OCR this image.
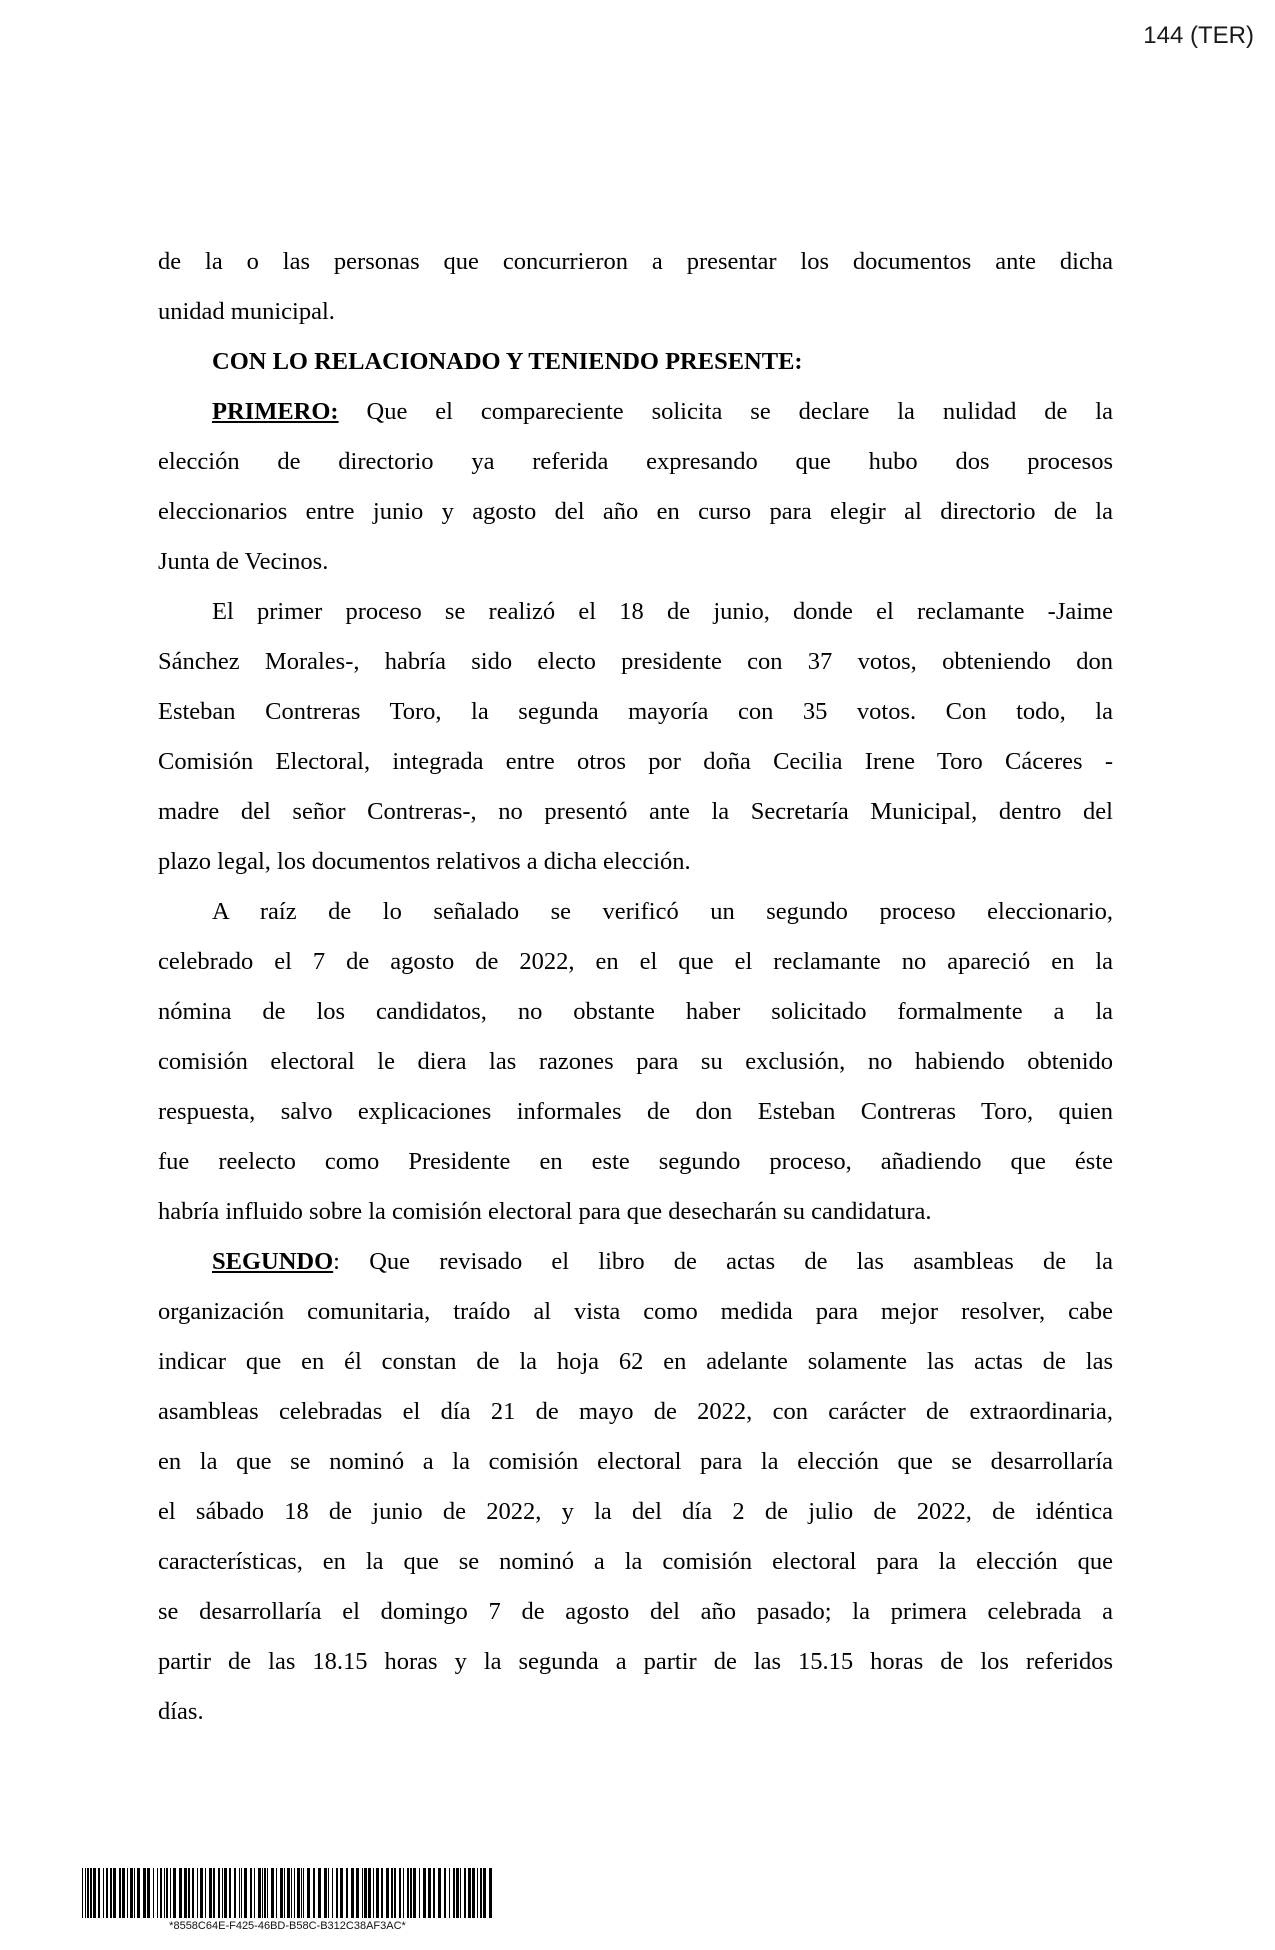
144 (TER)
de la o las personas que concurrieron a presentar los documentos ante dicha
unidad municipal.
CON LO RELACIONADO Y TENIENDO PRESENTE:
PRIMERO: Que el compareciente solicita se declare la nulidad de la
elección de directorio ya referida expresando que hubo dos procesos
eleccionarios entre junio y agosto del año en curso para elegir al directorio de la
Junta de Vecinos.
El primer proceso se realizó el 18 de junio, donde el reclamante -Jaime
Sánchez Morales-, habría sido electo presidente con 37 votos, obteniendo don
Esteban Contreras Toro, la segunda mayoría con 35 votos. Con todo, la
Comisión Electoral, integrada entre otros por doña Cecilia Irene Toro Cáceres -
madre del señor Contreras-, no presentó ante la Secretaría Municipal, dentro del
plazo legal, los documentos relativos a dicha elección.
A raíz de lo señalado se verificó un segundo proceso eleccionario,
celebrado el 7 de agosto de 2022, en el que el reclamante no apareció en la
nómina de los candidatos, no obstante haber solicitado formalmente a la
comisión electoral le diera las razones para su exclusión, no habiendo obtenido
respuesta, salvo explicaciones informales de don Esteban Contreras Toro, quien
fue reelecto como Presidente en este segundo proceso, añadiendo que éste
habría influido sobre la comisión electoral para que desecharán su candidatura.
SEGUNDO: Que revisado el libro de actas de las asambleas de la
organización comunitaria, traído al vista como medida para mejor resolver, cabe
indicar que en él constan de la hoja 62 en adelante solamente las actas de las
asambleas celebradas el día 21 de mayo de 2022, con carácter de extraordinaria,
en la que se nominó a la comisión electoral para la elección que se desarrollaría
el sábado 18 de junio de 2022, y la del día 2 de julio de 2022, de idéntica
características, en la que se nominó a la comisión electoral para la elección que
se desarrollaría el domingo 7 de agosto del año pasado; la primera celebrada a
partir de las 18.15 horas y la segunda a partir de las 15.15 horas de los referidos
días.
*8558C64E-F425-46BD-B58C-B312C38AF3AC*
